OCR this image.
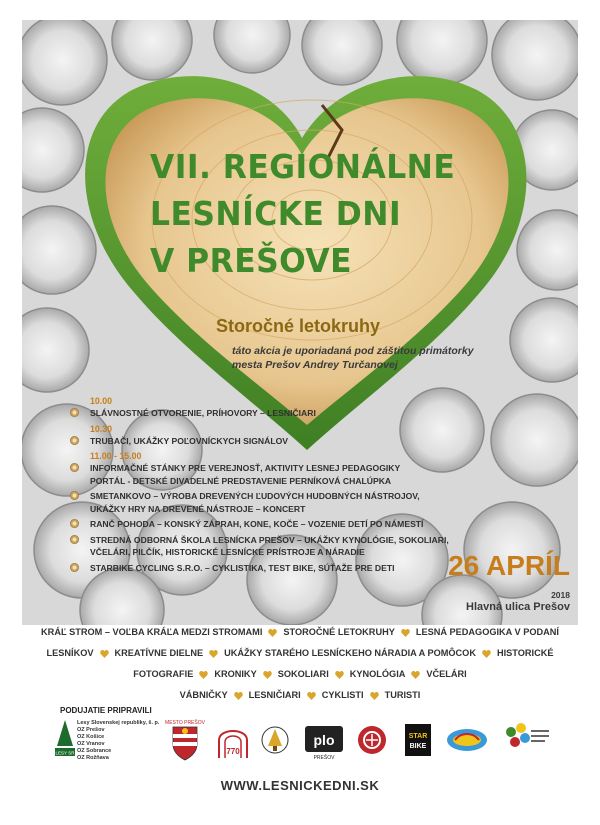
VII. REGIONÁLNE
LESNÍCKE DNI
V PREŠOVE
Storočné letokruhy
táto akcia je uporiadaná pod záštitou primátorky
mesta Prešov Andrey Turčanovej
10.00
SLÁVNOSTNÉ OTVORENIE, PRÍHOVORY – LESNIČIARI
10.30
TRUBAČI, UKÁŽKY POĽOVNÍCKYCH SIGNÁLOV
11.00 - 15.00
INFORMAČNÉ STÁNKY PRE VEREJNOSŤ, AKTIVITY LESNEJ PEDAGOGIKY
PORTÁL - DETSKÉ DIVADELNÉ PREDSTAVENIE PERNÍKOVÁ CHALÚPKA
SMETANKOVO – VÝROBA DREVENÝCH ĽUDOVÝCH HUDOBNÝCH NÁSTROJOV,
UKÁŽKY HRY NA DREVENÉ NÁSTROJE – KONCERT
RANČ POHODA – KONSKÝ ZÁPRAH, KONE, KOČE – VOZENIE DETÍ PO NÁMESTÍ
STREDNÁ ODBORNÁ ŠKOLA LESNÍCKA PREŠOV – UKÁŽKY KYNOLÓGIE, SOKOLIARI,
VČELÁRI, PILČÍK, HISTORICKÉ LESNÍCKE PRÍSTROJE A NÁRADIE
STARBIKE CYCLING S.R.O. – CYKLISTIKA, TEST BIKE, SÚŤAŽE PRE DETI	26 APRÍL
2018
Hlavná ulica Prešov
KRÁĽ STROM – VOĽBA KRÁĽA MEDZI STROMAMI STOROČNÉ LETOKRUHY LESNÁ PEDAGOGIKA V PODANÍ
LESNÍKOV KREATÍVNE DIELNE UKÁŽKY STARÉHO LESNÍCKEHO NÁRADIA A POMÔCOK HISTORICKÉ
FOTOGRAFIE KRONIKY SOKOLIARI KYNOLÓGIA VČELÁRI
VÁBNIČKY LESNIČIARI CYKLISTI TURISTI
PODUJATIE PRIPRAVILI
LESY SR
Lesy Slovenskej republiky, š. p.
OZ Prešov
OZ Košice
OZ Vranov
OZ Sobrance
OZ Rožňava
MESTO PREŠOV
770
plo
PREŠOV
STAR
BIKE
WWW.LESNICKEDNI.SK
